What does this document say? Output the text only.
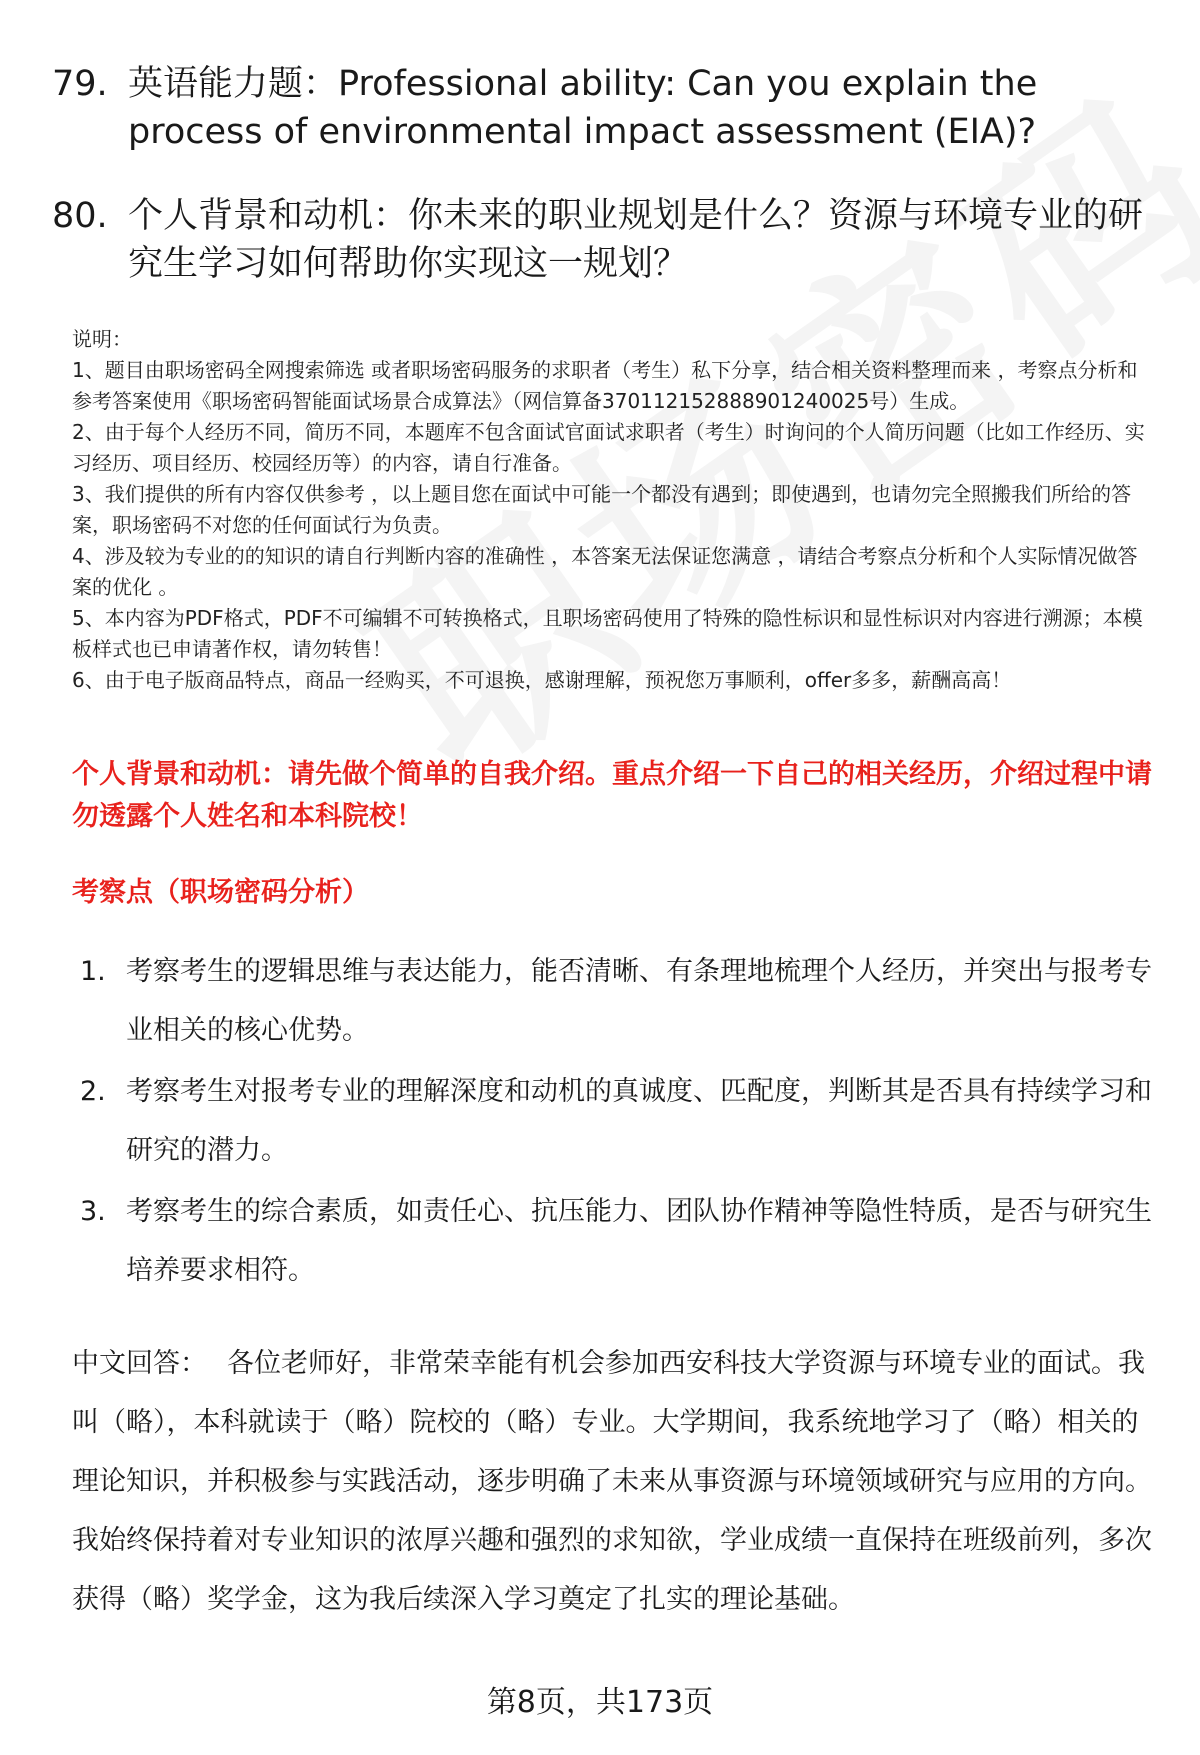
79. 英语能力题：Professional ability: Can you explain the process of environmental impact assessment (EIA)?
80. 个人背景和动机：你未来的职业规划是什么？资源与环境专业的研究生学习如何帮助你实现这一规划？

说明：

1、题目由职场密码全网搜索筛选 或者职场密码服务的求职者（考生）私下分享，结合相关资料整理而来 ，考察点分析和参考答案使用《职场密码智能面试场景合成算法》（网信算备370112152888901240025号）生成。

2、由于每个人经历不同，简历不同，本题库不包含面试官面试求职者（考生）时询问的个人简历问题（比如工作经历、实习经历、项目经历、校园经历等）的内容，请自行准备。

3、我们提供的所有内容仅供参考 ，以上题目您在面试中可能一个都没有遇到；即使遇到，也请勿完全照搬我们所给的答案，职场密码不对您的任何面试行为负责。

4、涉及较为专业的的知识的请自行判断内容的准确性 ，本答案无法保证您满意 ，请结合考察点分析和个人实际情况做答案的优化 。

5、本内容为PDF格式，PDF不可编辑不可转换格式，且职场密码使用了特殊的隐性标识和显性标识对内容进行溯源；本模板样式也已申请著作权，请勿转售！

6、由于电子版商品特点，商品一经购买，不可退换，感谢理解，预祝您万事顺利，offer多多，薪酬高高！

个人背景和动机：请先做个简单的自我介绍。重点介绍一下自己的相关经历，介绍过程中请勿透露个人姓名和本科院校！
考察点（职场密码分析）
1. 考察考生的逻辑思维与表达能力，能否清晰、有条理地梳理个人经历，并突出与报考专业相关的核心优势。
2. 考察考生对报考专业的理解深度和动机的真诚度、匹配度，判断其是否具有持续学习和研究的潜力。
3. 考察考生的综合素质，如责任心、抗压能力、团队协作精神等隐性特质，是否与研究生培养要求相符。
中文回答： 各位老师好，非常荣幸能有机会参加西安科技大学资源与环境专业的面试。我叫（略），本科就读于（略）院校的（略）专业。大学期间，我系统地学习了（略）相关的理论知识，并积极参与实践活动，逐步明确了未来从事资源与环境领域研究与应用的方向。我始终保持着对专业知识的浓厚兴趣和强烈的求知欲，学业成绩一直保持在班级前列，多次获得（略）奖学金，这为我后续深入学习奠定了扎实的理论基础。
第8页，共173页
